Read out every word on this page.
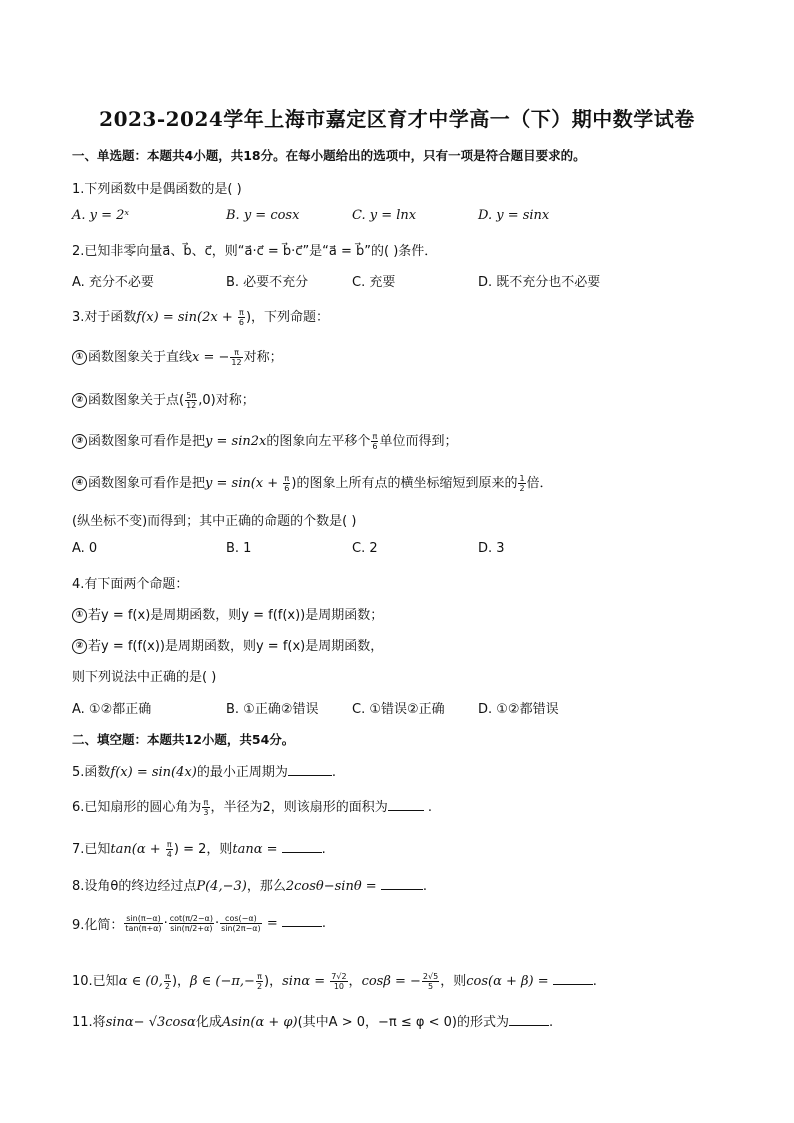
2023-2024学年上海市嘉定区育才中学高一（下）期中数学试卷
一、单选题：本题共4小题，共18分。在每小题给出的选项中，只有一项是符合题目要求的。
1.下列函数中是偶函数的是( )
A. y = 2ˣ	B. y = cosx	C. y = lnx	D. y = sinx
2.已知非零向量a⃗、b⃗、c⃗，则“a⃗·c⃗ = b⃗·c⃗”是“a⃗ = b⃗”的( )条件．
A. 充分不必要	B. 必要不充分	C. 充要	D. 既不充分也不必要
3.对于函数$f(x) = \sin(2x + \frac{\pi}{6}$ )，下列命题：
① 函数图象关于直线x = − $\frac{\pi}{12}$ 对称；
② 函数图象关于点( $\frac{5\pi}{12} ,0$)对称；
③ 函数图象可看作是把y = sin2x的图象向左平移个 $\frac{\pi}{6}$ 单位而得到；
④ 函数图象可看作是把$y = \sin(x + \frac{\pi}{6}$ )的图象上所有点的横坐标缩短到原来的 $\frac{1}{2}$ 倍．
(纵坐标不变)而得到；其中正确的命题的个数是( )
A. 0	B. 1	C. 2	D. 3
4.有下面两个命题：
① 若y = f(x)是周期函数，则y = f(f(x))是周期函数；
② 若y = f(f(x))是周期函数，则y = f(x)是周期函数，
则下列说法中正确的是( )
A. ①②都正确	B. ①正确②错误	C. ①错误②正确	D. ①②都错误
二、填空题：本题共12小题，共54分。
5.函数f(x) = sin(4x)的最小正周期为	.
6.已知扇形的圆心角为 $\frac{\pi}{3}$ ，半径为2，则该扇形的面积为	.
7.已知$\tan(\alpha + \frac{\pi}{4}$ ) = 2，则tanα =	.
8.设角θ的终边经过点P(4,−3)，那么2cosθ−sinθ =	.
9.化简： $\frac{\sin(\pi-\alpha)}{\tan(\pi+\alpha)} \cdot \frac{\cot(\pi/2-\alpha)}{\sin(\pi/2+\alpha)} \cdot \frac{\cos(-\alpha)}{\sin(2\pi-\alpha)}$ =	.
10.已知α ∈ (0, $\frac{\pi}{2}$ )，β ∈ ($-\pi,- \frac{\pi}{2}$ )，$\sin\alpha = \frac{7√2}{10}$ ，cosβ = − $\frac{2√5}{5}$ ，则cos(α + β) =	.
11.将sinα− √3cosα化成Asin(α + φ)(其中A > 0，−π ≤ φ < 0)的形式为	.
